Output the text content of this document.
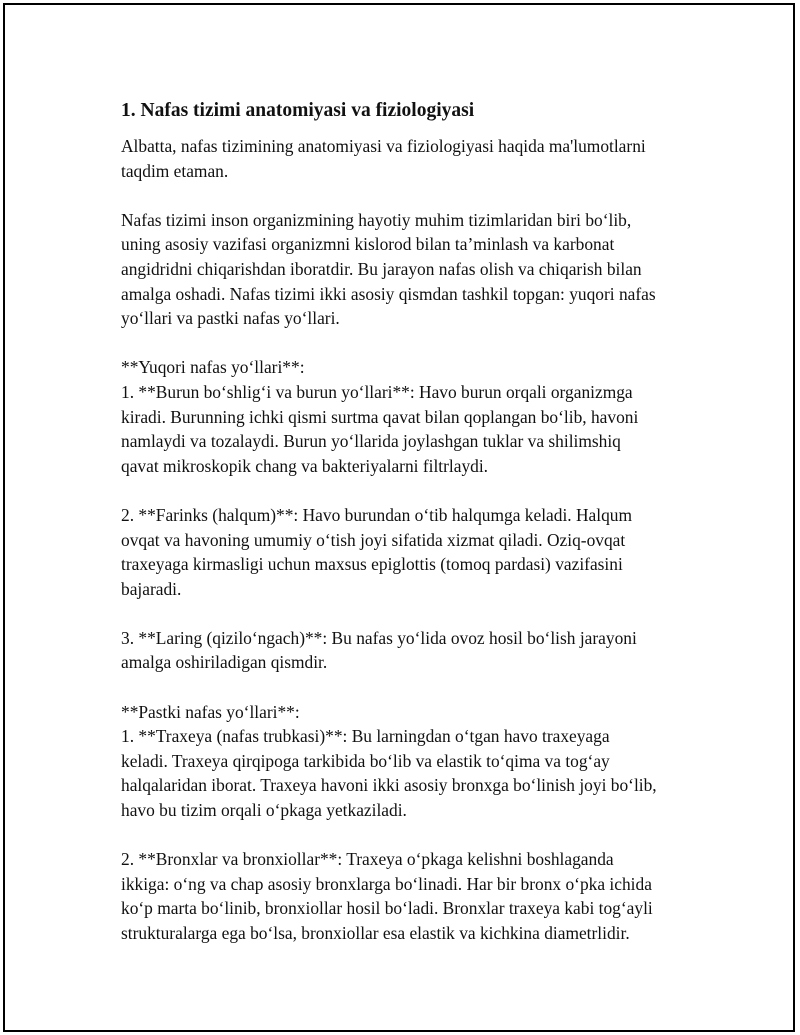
1. Nafas tizimi anatomiyasi va fiziologiyasi
Albatta, nafas tizimining anatomiyasi va fiziologiyasi haqida ma'lumotlarni
taqdim etaman.
Nafas tizimi inson organizmining hayotiy muhim tizimlaridan biri boʻlib,
uning asosiy vazifasi organizmni kislorod bilan ta’minlash va karbonat
angidridni chiqarishdan iboratdir. Bu jarayon nafas olish va chiqarish bilan
amalga oshadi. Nafas tizimi ikki asosiy qismdan tashkil topgan: yuqori nafas
yoʻllari va pastki nafas yoʻllari.
**Yuqori nafas yoʻllari**:
1. **Burun boʻshligʻi va burun yoʻllari**: Havo burun orqali organizmga
kiradi. Burunning ichki qismi surtma qavat bilan qoplangan boʻlib, havoni
namlaydi va tozalaydi. Burun yoʻllarida joylashgan tuklar va shilimshiq
qavat mikroskopik chang va bakteriyalarni filtrlaydi.
2. **Farinks (halqum)**: Havo burundan oʻtib halqumga keladi. Halqum
ovqat va havoning umumiy oʻtish joyi sifatida xizmat qiladi. Oziq-ovqat
traxeyaga kirmasligi uchun maxsus epiglottis (tomoq pardasi) vazifasini
bajaradi.
3. **Laring (qiziloʻngach)**: Bu nafas yoʻlida ovoz hosil boʻlish jarayoni
amalga oshiriladigan qismdir.
**Pastki nafas yoʻllari**:
1. **Traxeya (nafas trubkasi)**: Bu larningdan oʻtgan havo traxeyaga
keladi. Traxeya qirqipoga tarkibida boʻlib va elastik toʻqima va togʻay
halqalaridan iborat. Traxeya havoni ikki asosiy bronxga boʻlinish joyi boʻlib,
havo bu tizim orqali oʻpkaga yetkaziladi.
2. **Bronxlar va bronxiollar**: Traxeya oʻpkaga kelishni boshlaganda
ikkiga: oʻng va chap asosiy bronxlarga boʻlinadi. Har bir bronx oʻpka ichida
koʻp marta boʻlinib, bronxiollar hosil boʻladi. Bronxlar traxeya kabi togʻayli
strukturalarga ega boʻlsa, bronxiollar esa elastik va kichkina diametrlidir.
